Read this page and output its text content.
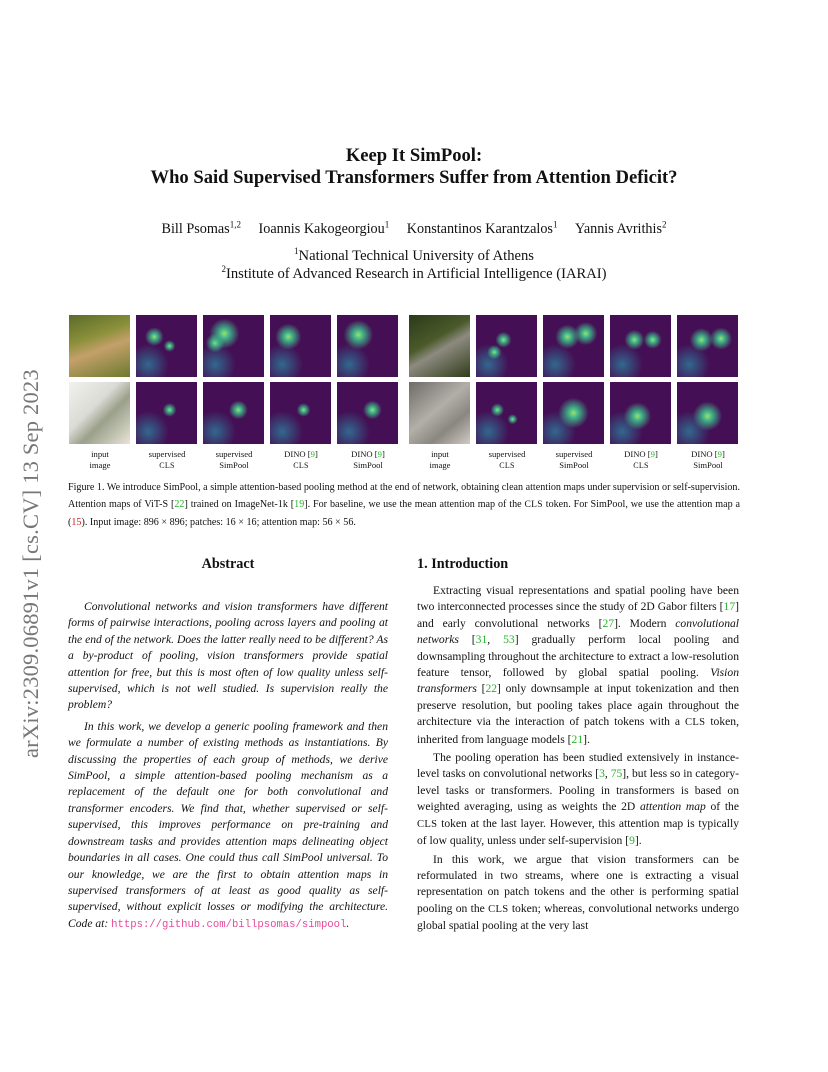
arXiv:2309.06891v1 [cs.CV] 13 Sep 2023
Keep It SimPool:
Who Said Supervised Transformers Suffer from Attention Deficit?
Bill Psomas$^{1,2}$ Ioannis Kakogeorgiou$^1$ Konstantinos Karantzalos$^1$ Yannis Avrithis$^2$
$^1$National Technical University of Athens
$^2$Institute of Advanced Research in Artificial Intelligence (IARAI)
input
image
supervised
CLS
supervised
SimPool
DINO [9]
CLS
DINO [9]
SimPool
input
image
supervised
CLS
supervised
SimPool
DINO [9]
CLS
DINO [9]
SimPool
Figure 1. We introduce SimPool, a simple attention-based pooling method at the end of network, obtaining clean attention maps under supervision or self-supervision. Attention maps of ViT-S [22] trained on ImageNet-1k [19]. For baseline, we use the mean attention map of the CLS token. For SimPool, we use the attention map a (15). Input image: 896 × 896; patches: 16 × 16; attention map: 56 × 56.
Abstract	1. Introduction

Convolutional networks and vision transformers have different forms of pairwise interactions, pooling across layers and pooling at the end of the network. Does the latter really need to be different? As a by-product of pooling, vision transformers provide spatial attention for free, but this is most often of low quality unless self-supervised, which is not well studied. Is supervision really the problem?

In this work, we develop a generic pooling framework and then we formulate a number of existing methods as instantiations. By discussing the properties of each group of methods, we derive SimPool, a simple attention-based pooling mechanism as a replacement of the default one for both convolutional and transformer encoders. We find that, whether supervised or self-supervised, this improves performance on pre-training and downstream tasks and provides attention maps delineating object boundaries in all cases. One could thus call SimPool universal. To our knowledge, we are the first to obtain attention maps in supervised transformers of at least as good quality as self-supervised, without explicit losses or modifying the architecture. Code at: https://github.com/billpsomas/simpool.

Extracting visual representations and spatial pooling have been two interconnected processes since the study of 2D Gabor filters [17] and early convolutional networks [27]. Modern convolutional networks [31, 53] gradually perform local pooling and downsampling throughout the architecture to extract a low-resolution feature tensor, followed by global spatial pooling. Vision transformers [22] only downsample at input tokenization and then preserve resolution, but pooling takes place again throughout the architecture via the interaction of patch tokens with a CLS token, inherited from language models [21].

The pooling operation has been studied extensively in instance-level tasks on convolutional networks [3, 75], but less so in category-level tasks or transformers. Pooling in transformers is based on weighted averaging, using as weights the 2D attention map of the CLS token at the last layer. However, this attention map is typically of low quality, unless under self-supervision [9].

In this work, we argue that vision transformers can be reformulated in two streams, where one is extracting a visual representation on patch tokens and the other is performing spatial pooling on the CLS token; whereas, convolutional networks undergo global spatial pooling at the very last
